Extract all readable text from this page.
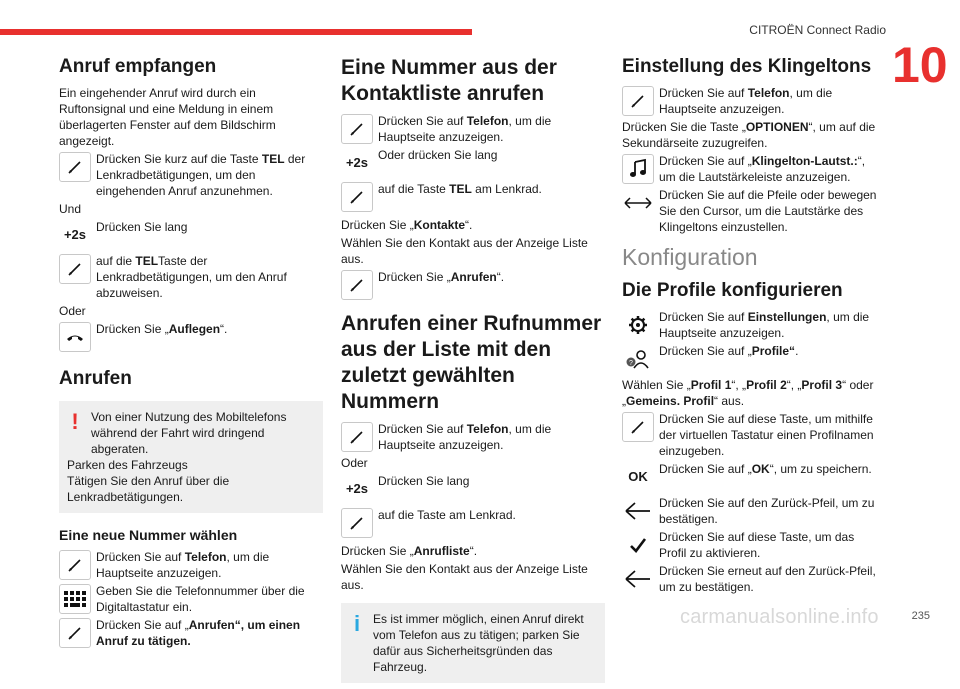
CITROËN Connect Radio
10
Anruf empfangen

Ein eingehender Anruf wird durch ein Ruftonsignal und eine Meldung in einem überlagerten Fenster auf dem Bildschirm angezeigt.

Drücken Sie kurz auf die Taste TEL der Lenkradbetätigungen, um den eingehenden Anruf anzunehmen.

Und

+2s Drücken Sie lang
auf die TELTaste der Lenkradbetätigungen, um den Anruf abzuweisen.

Oder

Drücken Sie „Auflegen“.
Anrufen
!	Von einer Nutzung des Mobiltelefons während der Fahrt wird dringend abgeraten.

Parken des Fahrzeugs

Tätigen Sie den Anruf über die Lenkradbetätigungen.

Eine neue Nummer wählen
Drücken Sie auf Telefon, um die Hauptseite anzuzeigen.
Geben Sie die Telefonnummer über die Digitaltastatur ein.
Drücken Sie auf „Anrufen“, um einen Anruf zu tätigen.
Eine Nummer aus der Kontaktliste anrufen
Drücken Sie auf Telefon, um die Hauptseite anzuzeigen.
+2s Oder drücken Sie lang
auf die Taste TEL am Lenkrad.

Drücken Sie „Kontakte“.

Wählen Sie den Kontakt aus der Anzeige Liste aus.

Drücken Sie „Anrufen“.
Anrufen einer Rufnummer aus der Liste mit den zuletzt gewählten Nummern
Drücken Sie auf Telefon, um die Hauptseite anzuzeigen.

Oder

+2s Drücken Sie lang
auf die Taste am Lenkrad.

Drücken Sie „Anrufliste“.

Wählen Sie den Kontakt aus der Anzeige Liste aus.

i	Es ist immer möglich, einen Anruf direkt vom Telefon aus zu tätigen; parken Sie dafür aus Sicherheitsgründen das Fahrzeug.

Einstellung des Klingeltons
Drücken Sie auf Telefon, um die Hauptseite anzuzeigen.

Drücken Sie die Taste „OPTIONEN“, um auf die Sekundärseite zuzugreifen.

Drücken Sie auf „Klingelton-Lautst.:“, um die Lautstärkeleiste anzuzeigen.
Drücken Sie auf die Pfeile oder bewegen Sie den Cursor, um die Lautstärke des Klingeltons einzustellen.

Konfiguration

Die Profile konfigurieren
Drücken Sie auf Einstellungen, um die Hauptseite anzuzeigen.
?
Drücken Sie auf „Profile“.

Wählen Sie „Profil 1“, „Profil 2“, „Profil 3“ oder „Gemeins. Profil“ aus.

Drücken Sie auf diese Taste, um mithilfe der virtuellen Tastatur einen Profilnamen einzugeben.
OK Drücken Sie auf „OK“, um zu speichern.
Drücken Sie auf den Zurück-Pfeil, um zu bestätigen.
Drücken Sie auf diese Taste, um das Profil zu aktivieren.
Drücken Sie erneut auf den Zurück-Pfeil, um zu bestätigen.
carmanualsonline.info	235
